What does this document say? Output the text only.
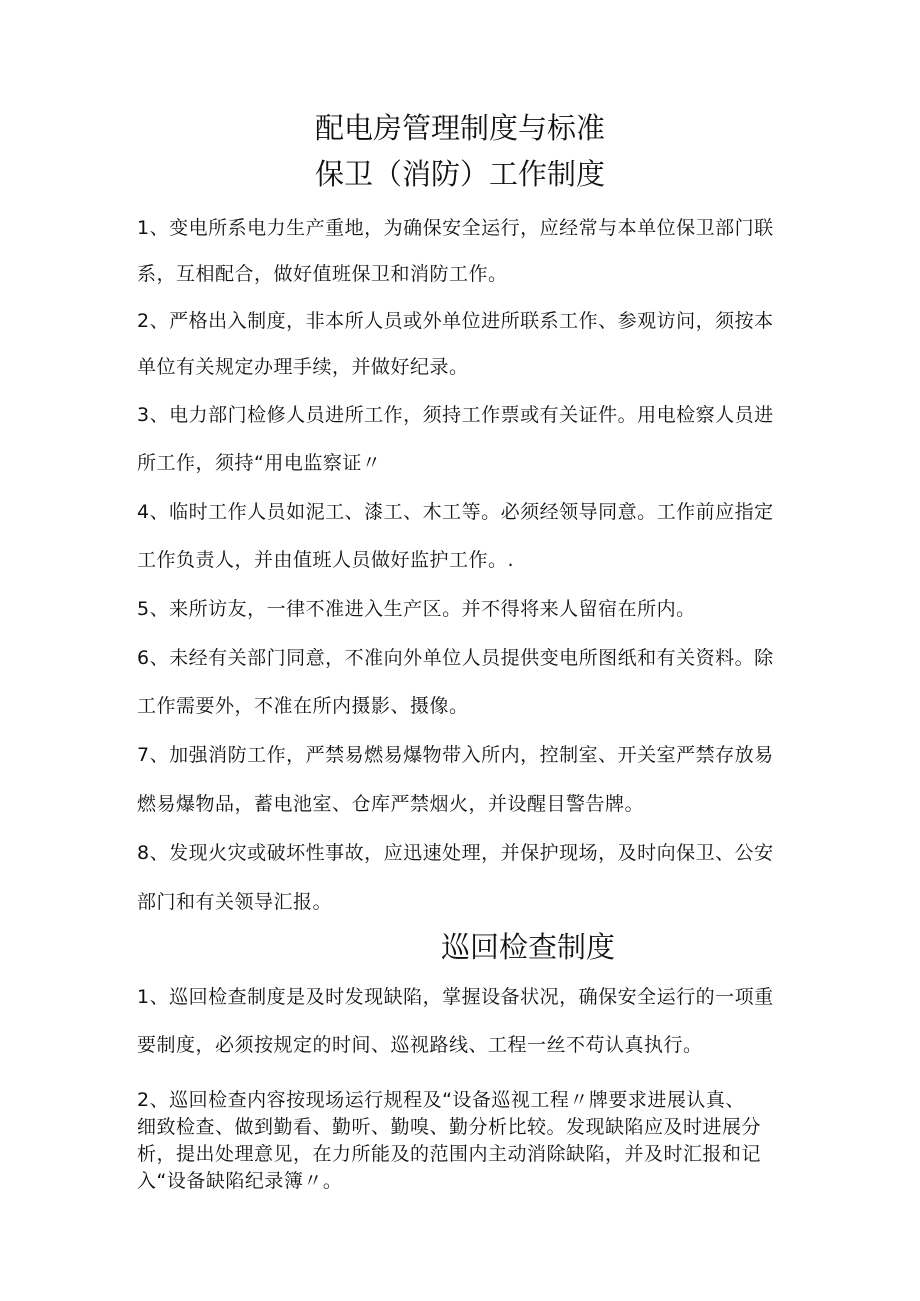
配电房管理制度与标准
保卫（消防）工作制度
1、变电所系电力生产重地，为确保安全运行，应经常与本单位保卫部门联
系，互相配合，做好值班保卫和消防工作。
2、严格出入制度，非本所人员或外单位进所联系工作、参观访问，须按本
单位有关规定办理手续，并做好纪录。
3、电力部门检修人员进所工作，须持工作票或有关证件。用电检察人员进
所工作，须持“用电监察证〃
4、临时工作人员如泥工、漆工、木工等。必须经领导同意。工作前应指定
工作负责人，并由值班人员做好监护工作。.
5、来所访友，一律不准进入生产区。并不得将来人留宿在所内。
6、未经有关部门同意，不准向外单位人员提供变电所图纸和有关资料。除
工作需要外，不准在所内摄影、摄像。
7、加强消防工作，严禁易燃易爆物带入所内，控制室、开关室严禁存放易
燃易爆物品，蓄电池室、仓库严禁烟火，并设醒目警告牌。
8、发现火灾或破坏性事故，应迅速处理，并保护现场，及时向保卫、公安
部门和有关领导汇报。
巡回检查制度
1、巡回检查制度是及时发现缺陷，掌握设备状况，确保安全运行的一项重
要制度，必须按规定的时间、巡视路线、工程一丝不苟认真执行。
2、巡回检查内容按现场运行规程及“设备巡视工程〃牌要求进展认真、
细致检查、做到勤看、勤听、勤嗅、勤分析比较。发现缺陷应及时进展分
析，提出处理意见，在力所能及的范围内主动消除缺陷，并及时汇报和记
入“设备缺陷纪录簿〃。
